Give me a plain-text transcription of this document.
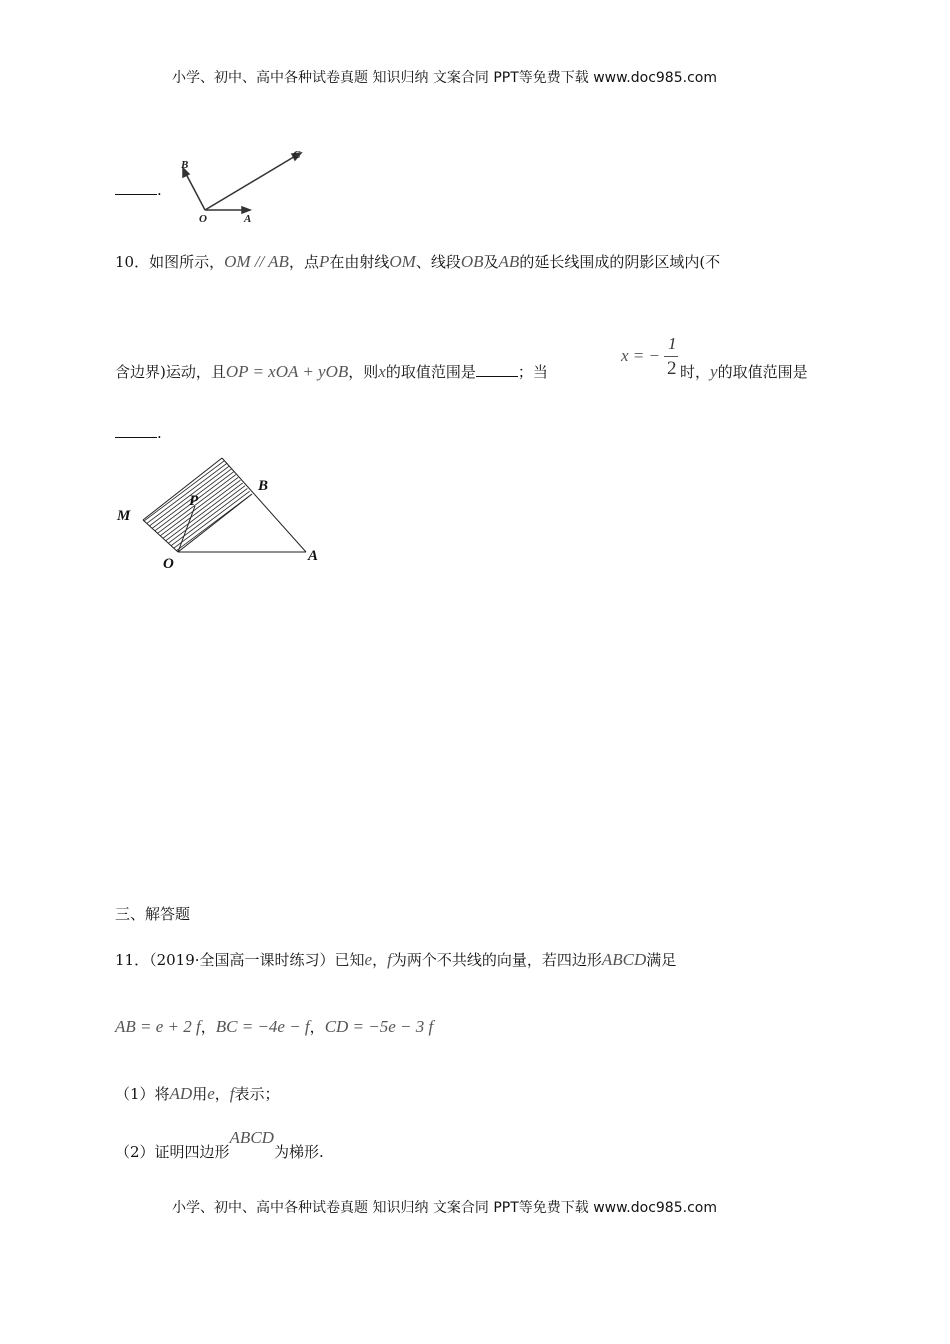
小学、初中、高中各种试卷真题 知识归纳 文案合同 PPT等免费下载 www.doc985.com
.
O	A
B
C
M
B
P
O	A
10．如图所示，OM // AB，点P在由射线OM、线段OB及AB的延长线围成的阴影区域内(不
含边界)运动，且OP = xOA + yOB，则x的取值范围是	；当
x = −
1
2 时，y的取值范围是
.
三、解答题
11．（2019·全国高一课时练习）已知e，f为两个不共线的向量，若四边形ABCD满足
AB = e + 2 f，BC = −4e − f，CD = −5e − 3 f
（1）将AD用e，f表示；
（2）证明四边形ABCD为梯形.
小学、初中、高中各种试卷真题 知识归纳 文案合同 PPT等免费下载 www.doc985.com
